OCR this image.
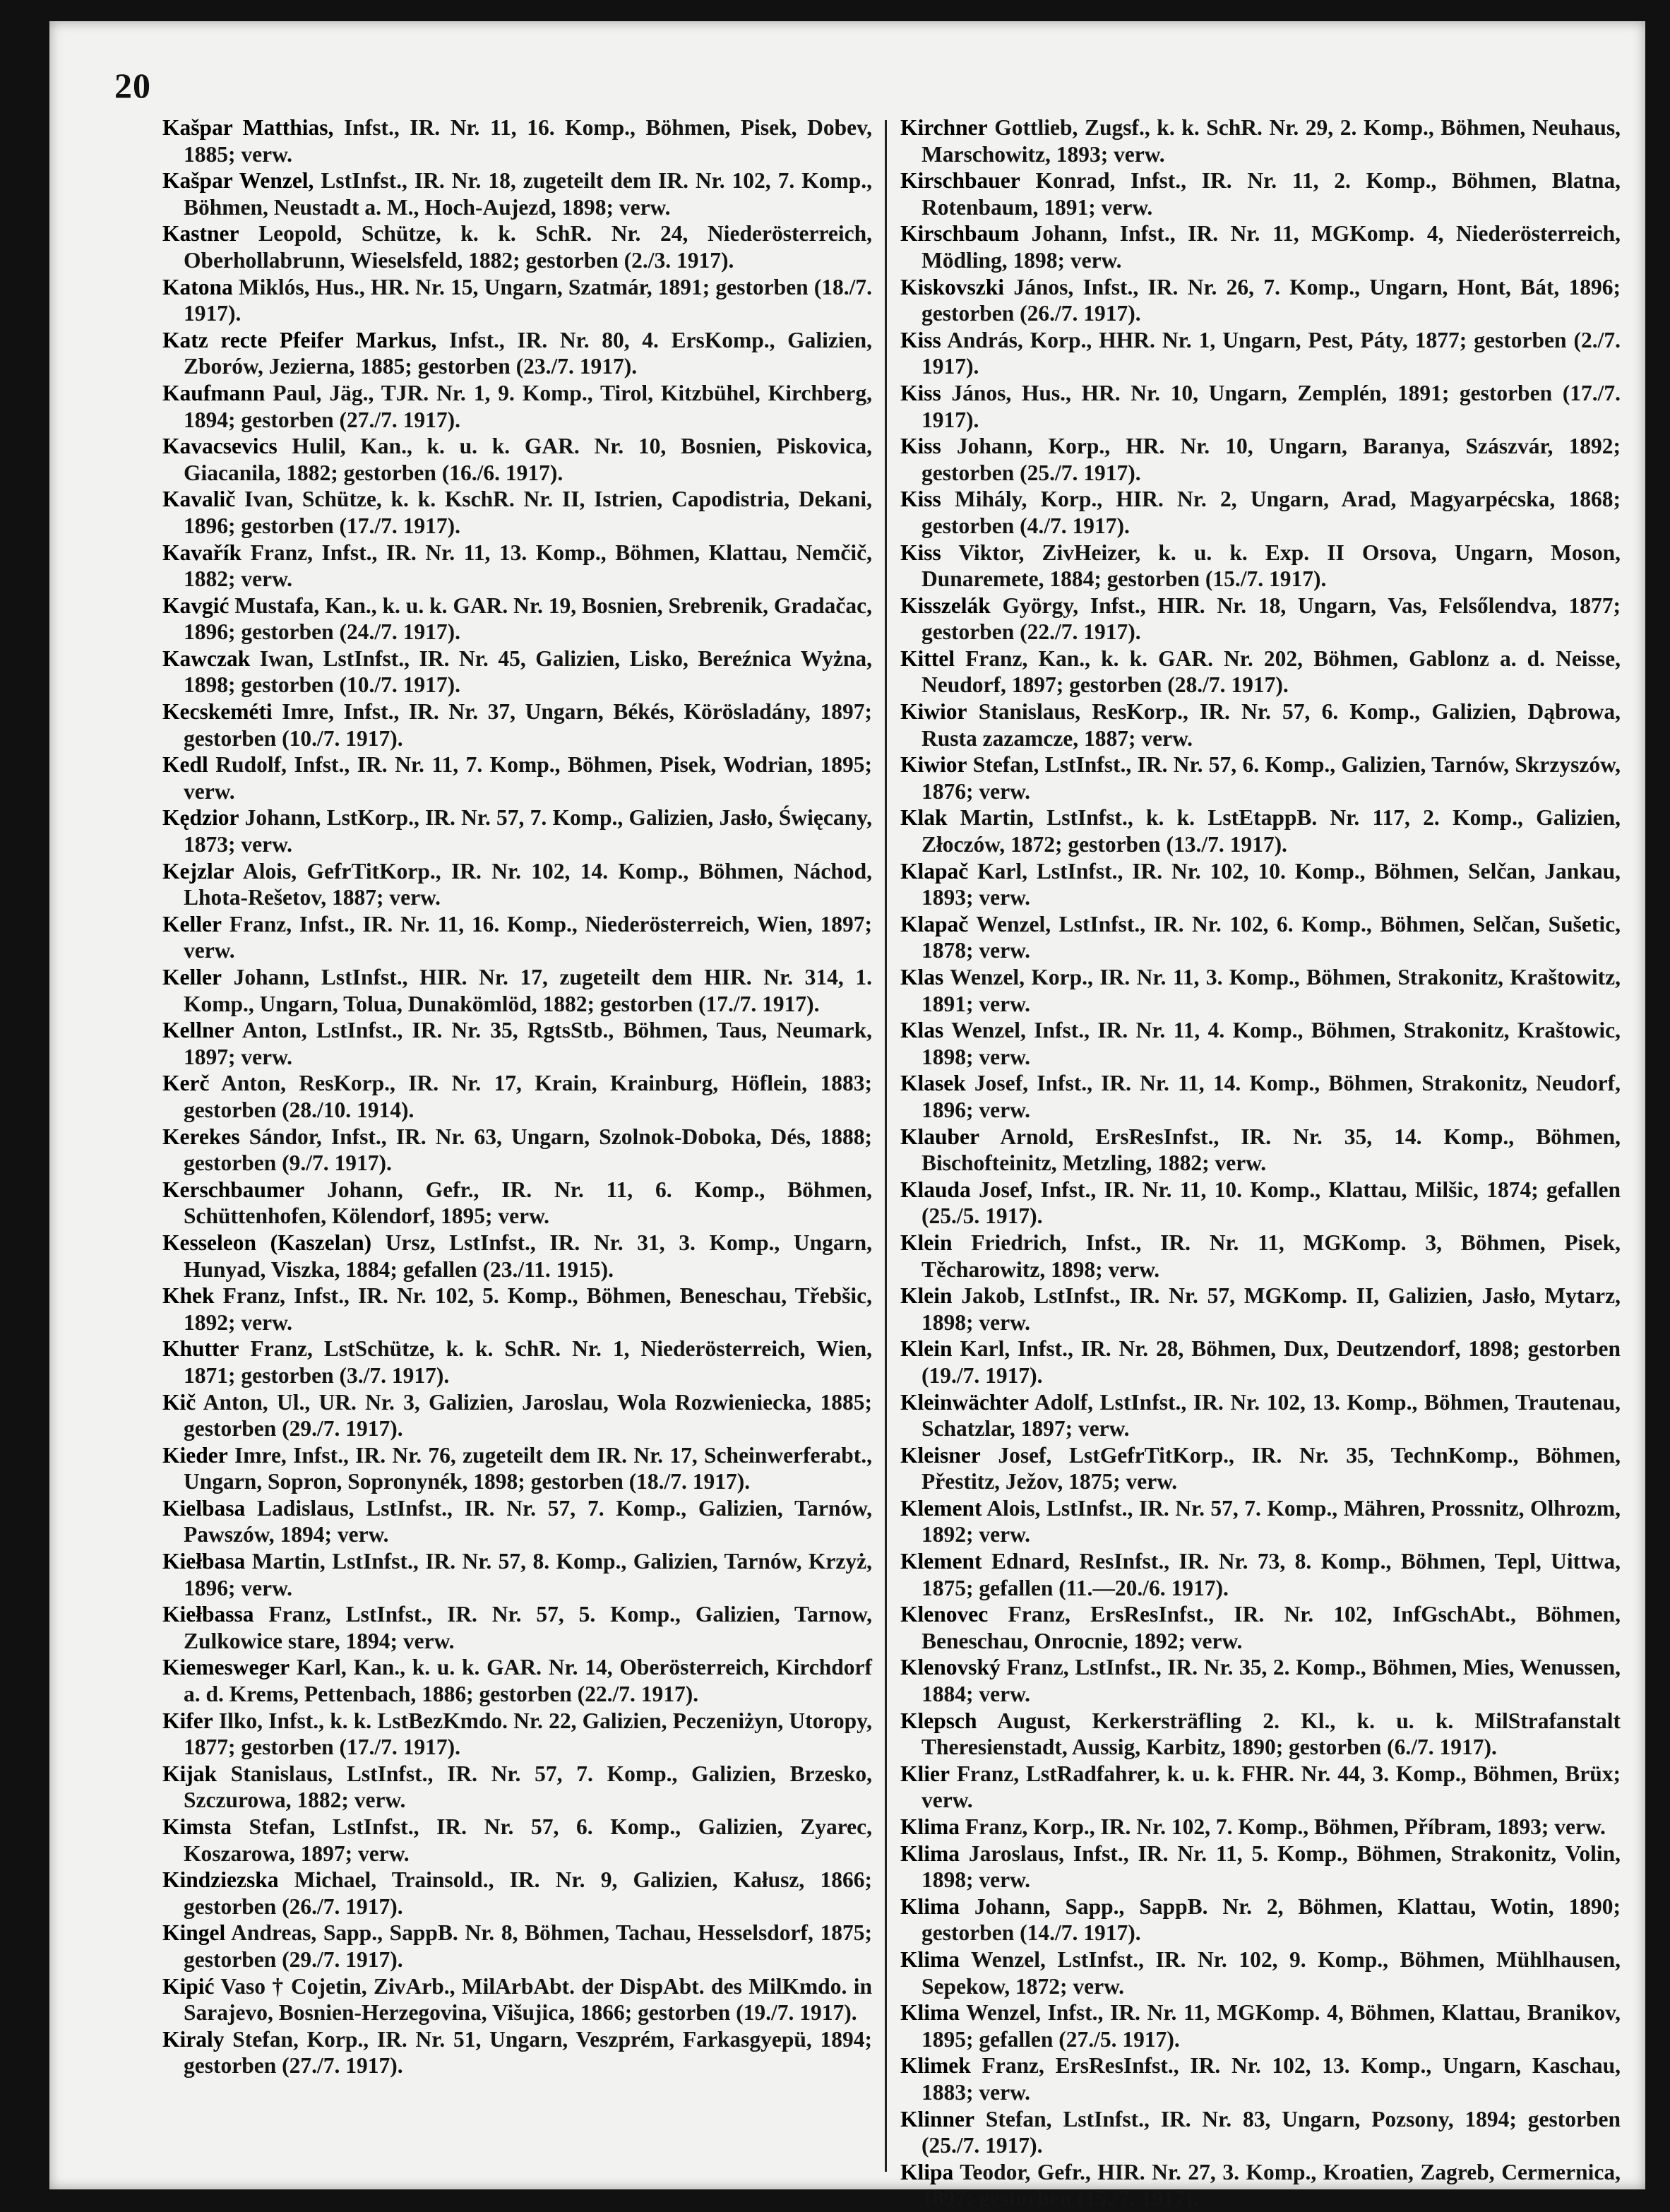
20

Kašpar Matthias, Infst., IR. Nr. 11, 16. Komp., Böhmen, Pisek, Dobev, 1885; verw.

Kašpar Wenzel, LstInfst., IR. Nr. 18, zugeteilt dem IR. Nr. 102, 7. Komp., Böhmen, Neustadt a. M., Hoch-Aujezd, 1898; verw.

Kastner Leopold, Schütze, k. k. SchR. Nr. 24, Niederösterreich, Oberhollabrunn, Wieselsfeld, 1882; gestorben (2./3. 1917).

Katona Miklós, Hus., HR. Nr. 15, Ungarn, Szatmár, 1891; gestorben (18./7. 1917).

Katz recte Pfeifer Markus, Infst., IR. Nr. 80, 4. ErsKomp., Galizien, Zborów, Jezierna, 1885; gestorben (23./7. 1917).

Kaufmann Paul, Jäg., TJR. Nr. 1, 9. Komp., Tirol, Kitzbühel, Kirchberg, 1894; gestorben (27./7. 1917).

Kavacsevics Hulil, Kan., k. u. k. GAR. Nr. 10, Bosnien, Piskovica, Giacanila, 1882; gestorben (16./6. 1917).

Kavalič Ivan, Schütze, k. k. KschR. Nr. II, Istrien, Capodistria, Dekani, 1896; gestorben (17./7. 1917).

Kavařík Franz, Infst., IR. Nr. 11, 13. Komp., Böhmen, Klattau, Nemčič, 1882; verw.

Kavgić Mustafa, Kan., k. u. k. GAR. Nr. 19, Bosnien, Srebrenik, Gradačac, 1896; gestorben (24./7. 1917).

Kawczak Iwan, LstInfst., IR. Nr. 45, Galizien, Lisko, Bereźnica Wyżna, 1898; gestorben (10./7. 1917).

Kecskeméti Imre, Infst., IR. Nr. 37, Ungarn, Békés, Körösladány, 1897; gestorben (10./7. 1917).

Kedl Rudolf, Infst., IR. Nr. 11, 7. Komp., Böhmen, Pisek, Wodrian, 1895; verw.

Kędzior Johann, LstKorp., IR. Nr. 57, 7. Komp., Galizien, Jasło, Święcany, 1873; verw.

Kejzlar Alois, GefrTitKorp., IR. Nr. 102, 14. Komp., Böhmen, Náchod, Lhota-Rešetov, 1887; verw.

Keller Franz, Infst., IR. Nr. 11, 16. Komp., Niederösterreich, Wien, 1897; verw.

Keller Johann, LstInfst., HIR. Nr. 17, zugeteilt dem HIR. Nr. 314, 1. Komp., Ungarn, Tolua, Dunakömlöd, 1882; gestorben (17./7. 1917).

Kellner Anton, LstInfst., IR. Nr. 35, RgtsStb., Böhmen, Taus, Neumark, 1897; verw.

Kerč Anton, ResKorp., IR. Nr. 17, Krain, Krainburg, Höflein, 1883; gestorben (28./10. 1914).

Kerekes Sándor, Infst., IR. Nr. 63, Ungarn, Szolnok-Doboka, Dés, 1888; gestorben (9./7. 1917).

Kerschbaumer Johann, Gefr., IR. Nr. 11, 6. Komp., Böhmen, Schüttenhofen, Kölendorf, 1895; verw.

Kesseleon (Kaszelan) Ursz, LstInfst., IR. Nr. 31, 3. Komp., Ungarn, Hunyad, Viszka, 1884; gefallen (23./11. 1915).

Khek Franz, Infst., IR. Nr. 102, 5. Komp., Böhmen, Beneschau, Třebšic, 1892; verw.

Khutter Franz, LstSchütze, k. k. SchR. Nr. 1, Niederösterreich, Wien, 1871; gestorben (3./7. 1917).

Kič Anton, Ul., UR. Nr. 3, Galizien, Jaroslau, Wola Rozwieniecka, 1885; gestorben (29./7. 1917).

Kieder Imre, Infst., IR. Nr. 76, zugeteilt dem IR. Nr. 17, Scheinwerferabt., Ungarn, Sopron, Sopronynék, 1898; gestorben (18./7. 1917).

Kielbasa Ladislaus, LstInfst., IR. Nr. 57, 7. Komp., Galizien, Tarnów, Pawszów, 1894; verw.

Kiełbasa Martin, LstInfst., IR. Nr. 57, 8. Komp., Galizien, Tarnów, Krzyż, 1896; verw.

Kiełbassa Franz, LstInfst., IR. Nr. 57, 5. Komp., Galizien, Tarnow, Zulkowice stare, 1894; verw.

Kiemesweger Karl, Kan., k. u. k. GAR. Nr. 14, Oberösterreich, Kirchdorf a. d. Krems, Pettenbach, 1886; gestorben (22./7. 1917).

Kifer Ilko, Infst., k. k. LstBezKmdo. Nr. 22, Galizien, Peczeniżyn, Utoropy, 1877; gestorben (17./7. 1917).

Kijak Stanislaus, LstInfst., IR. Nr. 57, 7. Komp., Galizien, Brzesko, Szczurowa, 1882; verw.

Kimsta Stefan, LstInfst., IR. Nr. 57, 6. Komp., Galizien, Zyarec, Koszarowa, 1897; verw.

Kindziezska Michael, Trainsold., IR. Nr. 9, Galizien, Kałusz, 1866; gestorben (26./7. 1917).

Kingel Andreas, Sapp., SappB. Nr. 8, Böhmen, Tachau, Hesselsdorf, 1875; gestorben (29./7. 1917).

Kipić Vaso † Cojetin, ZivArb., MilArbAbt. der DispAbt. des MilKmdo. in Sarajevo, Bosnien-Herzegovina, Višujica, 1866; gestorben (19./7. 1917).

Kiraly Stefan, Korp., IR. Nr. 51, Ungarn, Veszprém, Farkasgyepü, 1894; gestorben (27./7. 1917).

Kirchner Gottlieb, Zugsf., k. k. SchR. Nr. 29, 2. Komp., Böhmen, Neuhaus, Marschowitz, 1893; verw.

Kirschbauer Konrad, Infst., IR. Nr. 11, 2. Komp., Böhmen, Blatna, Rotenbaum, 1891; verw.

Kirschbaum Johann, Infst., IR. Nr. 11, MGKomp. 4, Niederösterreich, Mödling, 1898; verw.

Kiskovszki János, Infst., IR. Nr. 26, 7. Komp., Ungarn, Hont, Bát, 1896; gestorben (26./7. 1917).

Kiss András, Korp., HHR. Nr. 1, Ungarn, Pest, Páty, 1877; gestorben (2./7. 1917).

Kiss János, Hus., HR. Nr. 10, Ungarn, Zemplén, 1891; gestorben (17./7. 1917).

Kiss Johann, Korp., HR. Nr. 10, Ungarn, Baranya, Szászvár, 1892; gestorben (25./7. 1917).

Kiss Mihály, Korp., HIR. Nr. 2, Ungarn, Arad, Magyarpécska, 1868; gestorben (4./7. 1917).

Kiss Viktor, ZivHeizer, k. u. k. Exp. II Orsova, Ungarn, Moson, Dunaremete, 1884; gestorben (15./7. 1917).

Kisszelák György, Infst., HIR. Nr. 18, Ungarn, Vas, Felsőlendva, 1877; gestorben (22./7. 1917).

Kittel Franz, Kan., k. k. GAR. Nr. 202, Böhmen, Gablonz a. d. Neisse, Neudorf, 1897; gestorben (28./7. 1917).

Kiwior Stanislaus, ResKorp., IR. Nr. 57, 6. Komp., Galizien, Dąbrowa, Rusta zazamcze, 1887; verw.

Kiwior Stefan, LstInfst., IR. Nr. 57, 6. Komp., Galizien, Tarnów, Skrzyszów, 1876; verw.

Klak Martin, LstInfst., k. k. LstEtappB. Nr. 117, 2. Komp., Galizien, Złoczów, 1872; gestorben (13./7. 1917).

Klapač Karl, LstInfst., IR. Nr. 102, 10. Komp., Böhmen, Selčan, Jankau, 1893; verw.

Klapač Wenzel, LstInfst., IR. Nr. 102, 6. Komp., Böhmen, Selčan, Sušetic, 1878; verw.

Klas Wenzel, Korp., IR. Nr. 11, 3. Komp., Böhmen, Strakonitz, Kraštowitz, 1891; verw.

Klas Wenzel, Infst., IR. Nr. 11, 4. Komp., Böhmen, Strakonitz, Kraštowic, 1898; verw.

Klasek Josef, Infst., IR. Nr. 11, 14. Komp., Böhmen, Strakonitz, Neudorf, 1896; verw.

Klauber Arnold, ErsResInfst., IR. Nr. 35, 14. Komp., Böhmen, Bischofteinitz, Metzling, 1882; verw.

Klauda Josef, Infst., IR. Nr. 11, 10. Komp., Klattau, Milšic, 1874; gefallen (25./5. 1917).

Klein Friedrich, Infst., IR. Nr. 11, MGKomp. 3, Böhmen, Pisek, Těcharowitz, 1898; verw.

Klein Jakob, LstInfst., IR. Nr. 57, MGKomp. II, Galizien, Jasło, Mytarz, 1898; verw.

Klein Karl, Infst., IR. Nr. 28, Böhmen, Dux, Deutzendorf, 1898; gestorben (19./7. 1917).

Kleinwächter Adolf, LstInfst., IR. Nr. 102, 13. Komp., Böhmen, Trautenau, Schatzlar, 1897; verw.

Kleisner Josef, LstGefrTitKorp., IR. Nr. 35, TechnKomp., Böhmen, Přestitz, Ježov, 1875; verw.

Klement Alois, LstInfst., IR. Nr. 57, 7. Komp., Mähren, Prossnitz, Olhrozm, 1892; verw.

Klement Ednard, ResInfst., IR. Nr. 73, 8. Komp., Böhmen, Tepl, Uittwa, 1875; gefallen (11.—20./6. 1917).

Klenovec Franz, ErsResInfst., IR. Nr. 102, InfGschAbt., Böhmen, Beneschau, Onrocnie, 1892; verw.

Klenovský Franz, LstInfst., IR. Nr. 35, 2. Komp., Böhmen, Mies, Wenussen, 1884; verw.

Klepsch August, Kerkersträfling 2. Kl., k. u. k. MilStrafanstalt Theresienstadt, Aussig, Karbitz, 1890; gestorben (6./7. 1917).

Klier Franz, LstRadfahrer, k. u. k. FHR. Nr. 44, 3. Komp., Böhmen, Brüx; verw.

Klima Franz, Korp., IR. Nr. 102, 7. Komp., Böhmen, Příbram, 1893; verw.

Klima Jaroslaus, Infst., IR. Nr. 11, 5. Komp., Böhmen, Strakonitz, Volin, 1898; verw.

Klima Johann, Sapp., SappB. Nr. 2, Böhmen, Klattau, Wotin, 1890; gestorben (14./7. 1917).

Klima Wenzel, LstInfst., IR. Nr. 102, 9. Komp., Böhmen, Mühlhausen, Sepekow, 1872; verw.

Klima Wenzel, Infst., IR. Nr. 11, MGKomp. 4, Böhmen, Klattau, Branikov, 1895; gefallen (27./5. 1917).

Klimek Franz, ErsResInfst., IR. Nr. 102, 13. Komp., Ungarn, Kaschau, 1883; verw.

Klinner Stefan, LstInfst., IR. Nr. 83, Ungarn, Pozsony, 1894; gestorben (25./7. 1917).

Klipa Teodor, Gefr., HIR. Nr. 27, 3. Komp., Kroatien, Zagreb, Cermernica, 1897; gestorben (15./7. 1917).
